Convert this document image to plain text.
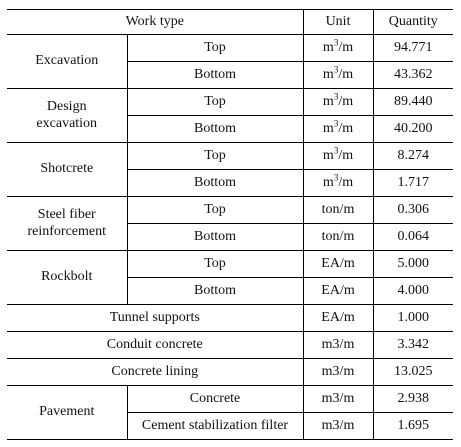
Work type		Unit	Quantity
Excavation	Top	$m^3/m$	94.771
	Bottom	$m^3/m$	43.362
Design
excavation	Top	$m^3/m$	89.440
	Bottom	$m^3/m$	40.200
Shotcrete	Top	$m^3/m$	8.274
	Bottom	$m^3/m$	1.717
Steel fiber
reinforcement	Top	ton/m	0.306
	Bottom	ton/m	0.064
Rockbolt	Top	EA/m	5.000
	Bottom	EA/m	4.000
Tunnel supports		EA/m	1.000
Conduit concrete		m3/m	3.342
Concrete lining		m3/m	13.025
Pavement	Concrete	m3/m	2.938
	Cement stabilization filter	m3/m	1.695
